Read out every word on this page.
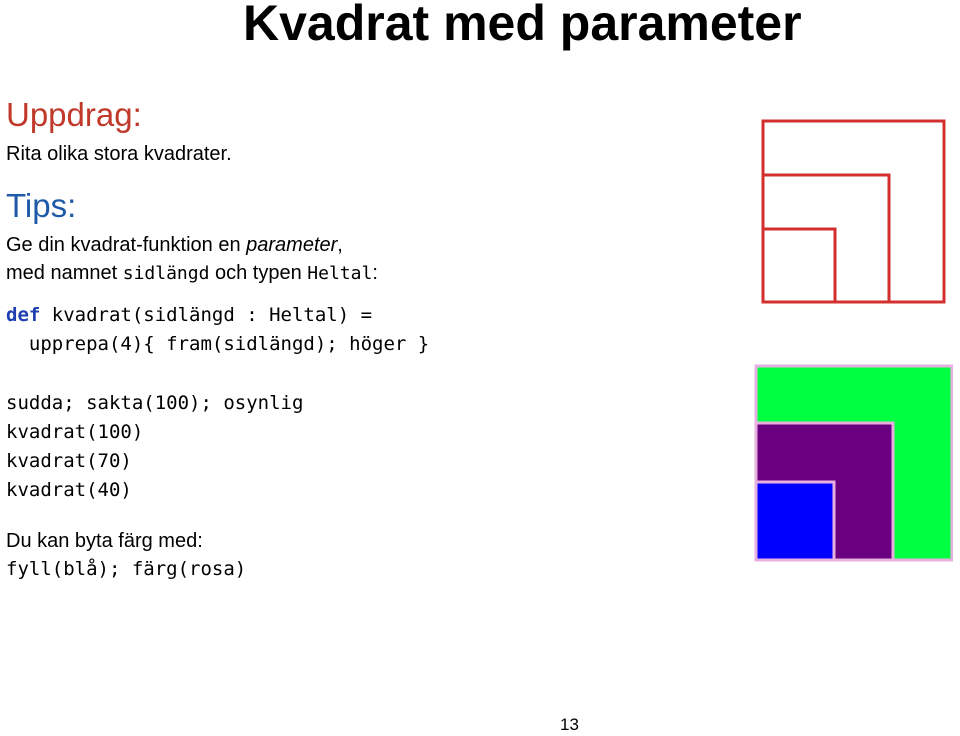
Kvadrat med parameter
Uppdrag:
Rita olika stora kvadrater.
Tips:
Ge din kvadrat-funktion en parameter,
med namnet sidlängd och typen Heltal:
def kvadrat(sidlängd : Heltal) =
upprepa(4){ fram(sidlängd); höger }
sudda; sakta(100); osynlig
kvadrat(100)
kvadrat(70)
kvadrat(40)
Du kan byta färg med:
fyll(blå); färg(rosa)
13
